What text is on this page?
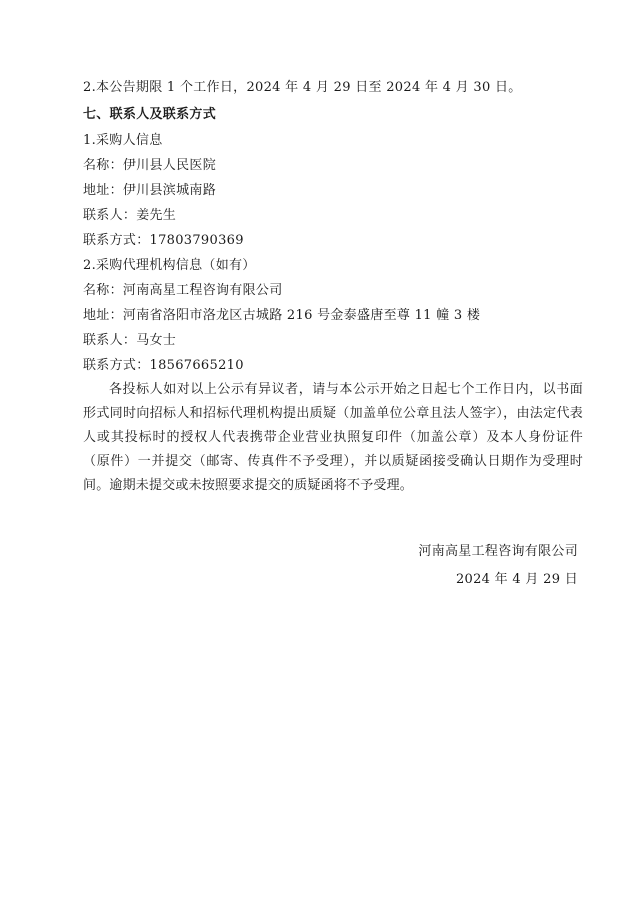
2.本公告期限 1 个工作日，2024 年 4 月 29 日至 2024 年 4 月 30 日。
七、联系人及联系方式
1.采购人信息
名称：伊川县人民医院
地址：伊川县滨城南路
联系人：姜先生
联系方式：17803790369
2.采购代理机构信息（如有）
名称：河南高星工程咨询有限公司
地址：河南省洛阳市洛龙区古城路 216 号金泰盛唐至尊 11 幢 3 楼
联系人：马女士
联系方式：18567665210
各投标人如对以上公示有异议者，请与本公示开始之日起七个工作日内，以书面形式同时向招标人和招标代理机构提出质疑（加盖单位公章且法人签字），由法定代表人或其投标时的授权人代表携带企业营业执照复印件（加盖公章）及本人身份证件（原件）一并提交（邮寄、传真件不予受理），并以质疑函接受确认日期作为受理时间。逾期未提交或未按照要求提交的质疑函将不予受理。
河南高星工程咨询有限公司
2024 年 4 月 29 日
